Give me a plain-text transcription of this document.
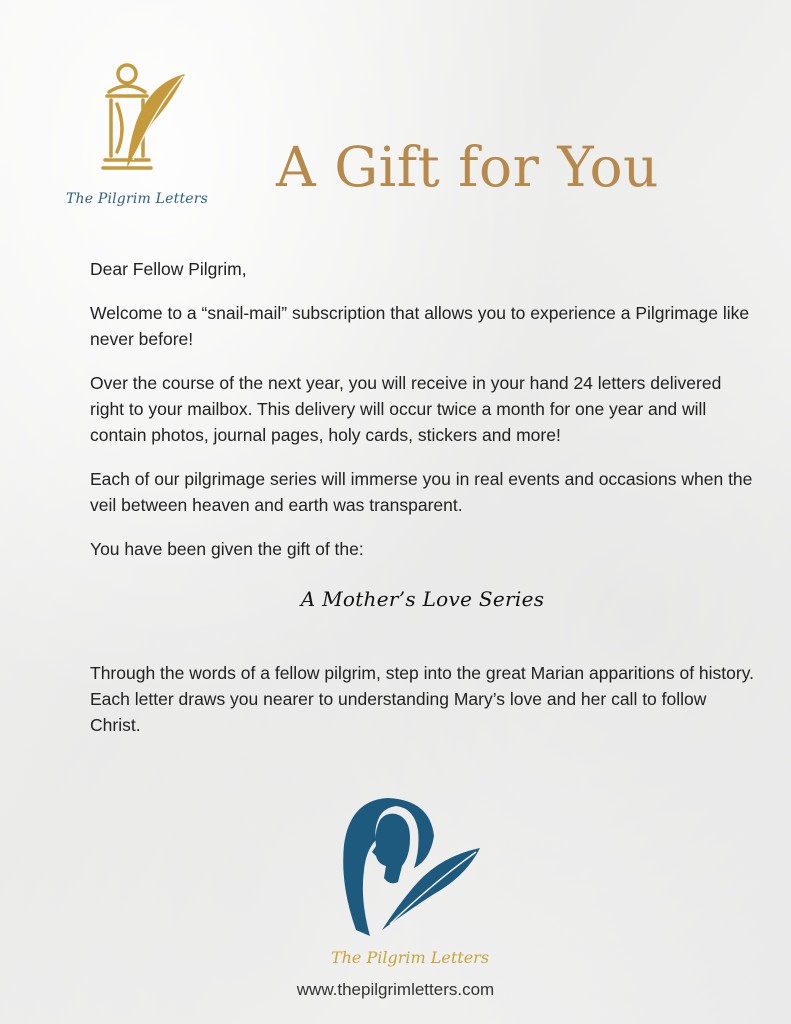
The Pilgrim Letters
A Gift for You

Dear Fellow Pilgrim,

Welcome to a “snail-mail” subscription that allows you to experience a Pilgrimage like never before!

Over the course of the next year, you will receive in your hand 24 letters delivered right to your mailbox. This delivery will occur twice a month for one year and will contain photos, journal pages, holy cards, stickers and more!

Each of our pilgrimage series will immerse you in real events and occasions when the veil between heaven and earth was transparent.

You have been given the gift of the:

A Mother’s Love Series

Through the words of a fellow pilgrim, step into the great Marian apparitions of history. Each letter draws you nearer to understanding Mary’s love and her call to follow Christ.

The Pilgrim Letters
www.thepilgrimletters.com
